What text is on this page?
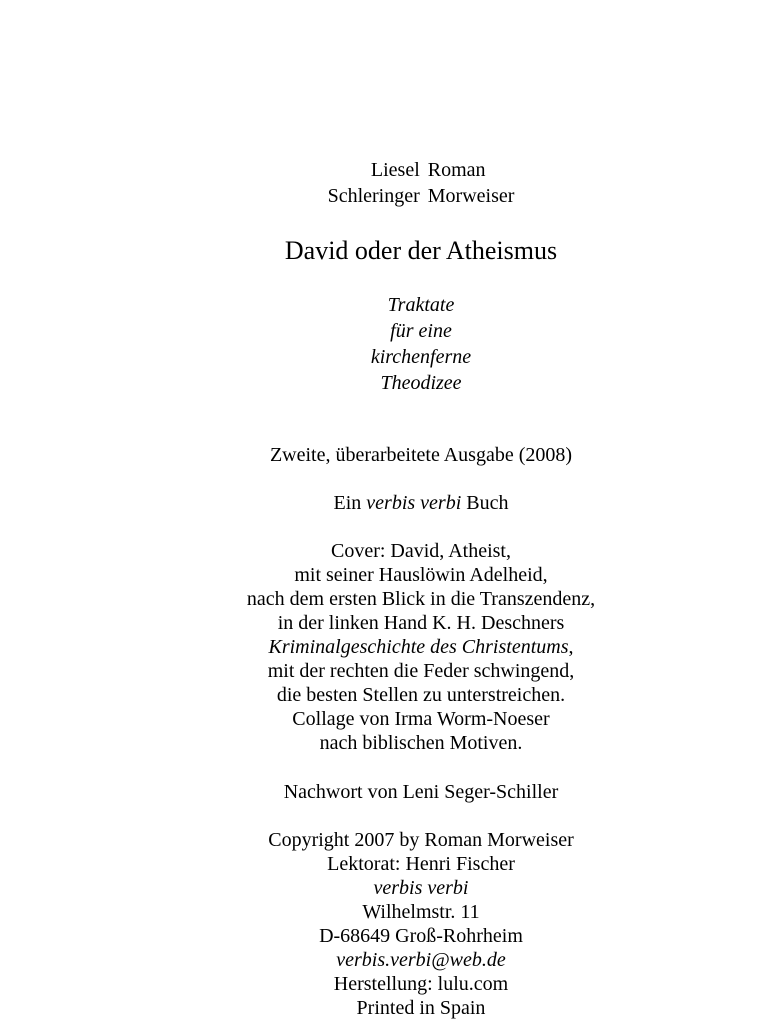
Liesel
Schleringer
Roman
Morweiser
David oder der Atheismus
Traktate
für eine
kirchenferne
Theodizee
Zweite, überarbeitete Ausgabe (2008)
Ein verbis verbi Buch
Cover: David, Atheist,
mit seiner Hauslöwin Adelheid,
nach dem ersten Blick in die Transzendenz,
in der linken Hand K. H. Deschners
Kriminalgeschichte des Christentums,
mit der rechten die Feder schwingend,
die besten Stellen zu unterstreichen.
Collage von Irma Worm-Noeser
nach biblischen Motiven.
Nachwort von Leni Seger-Schiller
Copyright 2007 by Roman Morweiser
Lektorat: Henri Fischer
verbis verbi
Wilhelmstr. 11
D-68649 Groß-Rohrheim
verbis.verbi@web.de
Herstellung: lulu.com
Printed in Spain
